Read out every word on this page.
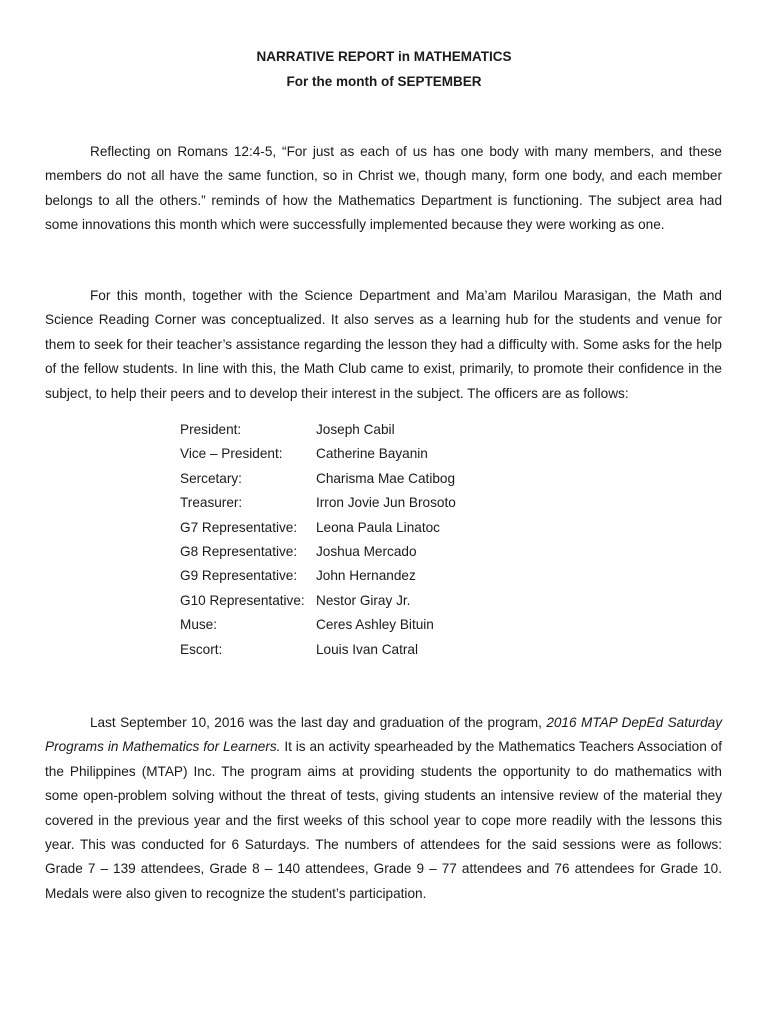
NARRATIVE REPORT in MATHEMATICS
For the month of SEPTEMBER

Reflecting on Romans 12:4-5, “For just as each of us has one body with many members, and these members do not all have the same function, so in Christ we, though many, form one body, and each member belongs to all the others.” reminds of how the Mathematics Department is functioning. The subject area had some innovations this month which were successfully implemented because they were working as one.

For this month, together with the Science Department and Ma’am Marilou Marasigan, the Math and Science Reading Corner was conceptualized. It also serves as a learning hub for the students and venue for them to seek for their teacher’s assistance regarding the lesson they had a difficulty with. Some asks for the help of the fellow students. In line with this, the Math Club came to exist, primarily, to promote their confidence in the subject, to help their peers and to develop their interest in the subject. The officers are as follows:

President:	Joseph Cabil
Vice – President:	Catherine Bayanin
Sercetary:	Charisma Mae Catibog
Treasurer:	Irron Jovie Jun Brosoto
G7 Representative:	Leona Paula Linatoc
G8 Representative:	Joshua Mercado
G9 Representative:	John Hernandez
G10 Representative: Nestor Giray Jr.
Muse:	Ceres Ashley Bituin
Escort:	Louis Ivan Catral

Last September 10, 2016 was the last day and graduation of the program, 2016 MTAP DepEd Saturday Programs in Mathematics for Learners. It is an activity spearheaded by the Mathematics Teachers Association of the Philippines (MTAP) Inc. The program aims at providing students the opportunity to do mathematics with some open-problem solving without the threat of tests, giving students an intensive review of the material they covered in the previous year and the first weeks of this school year to cope more readily with the lessons this year. This was conducted for 6 Saturdays. The numbers of attendees for the said sessions were as follows: Grade 7 – 139 attendees, Grade 8 – 140 attendees, Grade 9 – 77 attendees and 76 attendees for Grade 10. Medals were also given to recognize the student’s participation.
